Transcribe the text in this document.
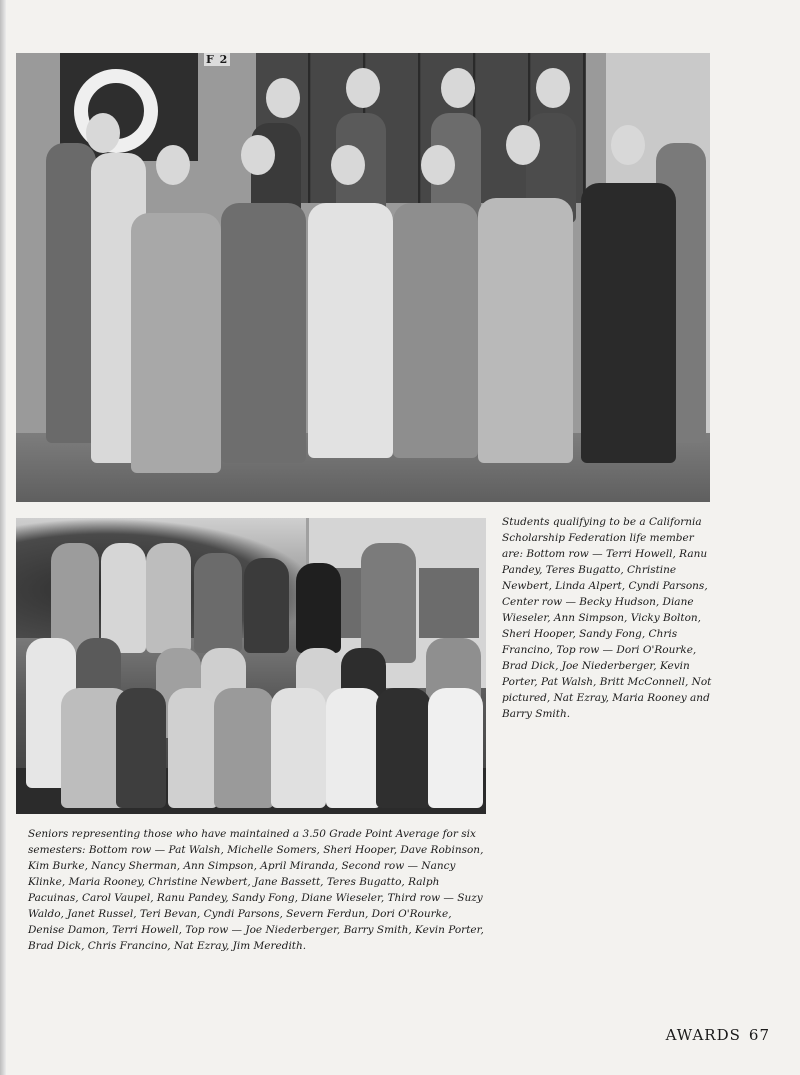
F 2
Students qualifying to be a California Scholarship Federation life member are: Bottom row — Terri Howell, Ranu Pandey, Teres Bugatto, Christine Newbert, Linda Alpert, Cyndi Parsons, Center row — Becky Hudson, Diane Wieseler, Ann Simpson, Vicky Bolton, Sheri Hooper, Sandy Fong, Chris Francino, Top row — Dori O'Rourke, Brad Dick, Joe Niederberger, Kevin Porter, Pat Walsh, Britt McConnell, Not pictured, Nat Ezray, Maria Rooney and Barry Smith.
Seniors representing those who have maintained a 3.50 Grade Point Average for six semesters: Bottom row — Pat Walsh, Michelle Somers, Sheri Hooper, Dave Robinson, Kim Burke, Nancy Sherman, Ann Simpson, April Miranda, Second row — Nancy Klinke, Maria Rooney, Christine Newbert, Jane Bassett, Teres Bugatto, Ralph Pacuinas, Carol Vaupel, Ranu Pandey, Sandy Fong, Diane Wieseler, Third row — Suzy Waldo, Janet Russel, Teri Bevan, Cyndi Parsons, Severn Ferdun, Dori O'Rourke, Denise Damon, Terri Howell, Top row — Joe Niederberger, Barry Smith, Kevin Porter, Brad Dick, Chris Francino, Nat Ezray, Jim Meredith.
AWARDS 67
